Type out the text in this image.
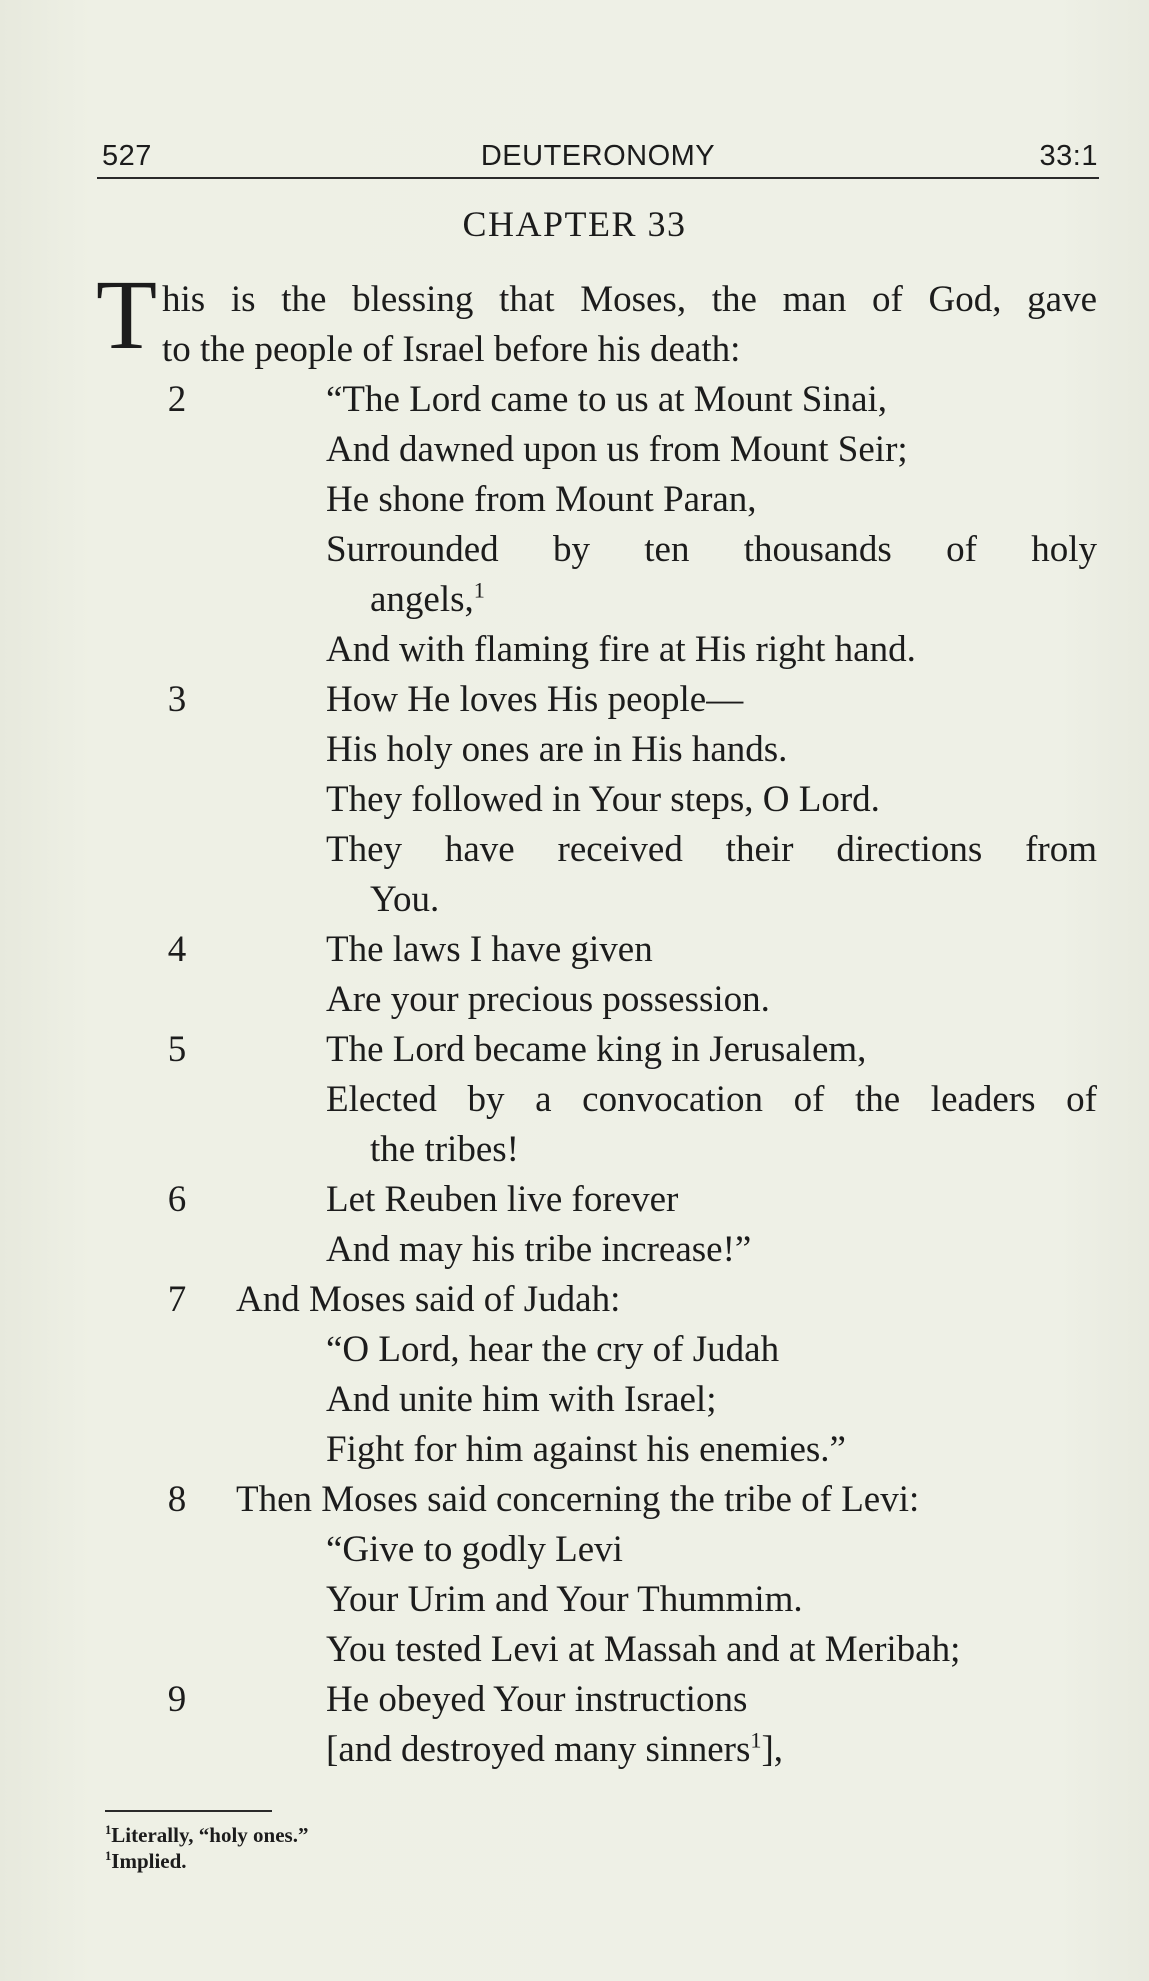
527	DEUTERONOMY	33:1
CHAPTER 33
T his is the blessing that Moses, the man of God, gave
to the people of Israel before his death:
2	“The Lord came to us at Mount Sinai,
And dawned upon us from Mount Seir;
He shone from Mount Paran,
Surrounded by ten thousands of holy
angels,$^1$
And with flaming fire at His right hand.
3	How He loves His people—
His holy ones are in His hands.
They followed in Your steps, O Lord.
They have received their directions from
You.
4	The laws I have given
Are your precious possession.
5	The Lord became king in Jerusalem,
Elected by a convocation of the leaders of
the tribes!
6	Let Reuben live forever
And may his tribe increase!”
7	And Moses said of Judah:
“O Lord, hear the cry of Judah
And unite him with Israel;
Fight for him against his enemies.”
8	Then Moses said concerning the tribe of Levi:
“Give to godly Levi
Your Urim and Your Thummim.
You tested Levi at Massah and at Meribah;
9	He obeyed Your instructions
[and destroyed many sinners$^1$],
$^1$Literally, “holy ones.”
$^1$Implied.
